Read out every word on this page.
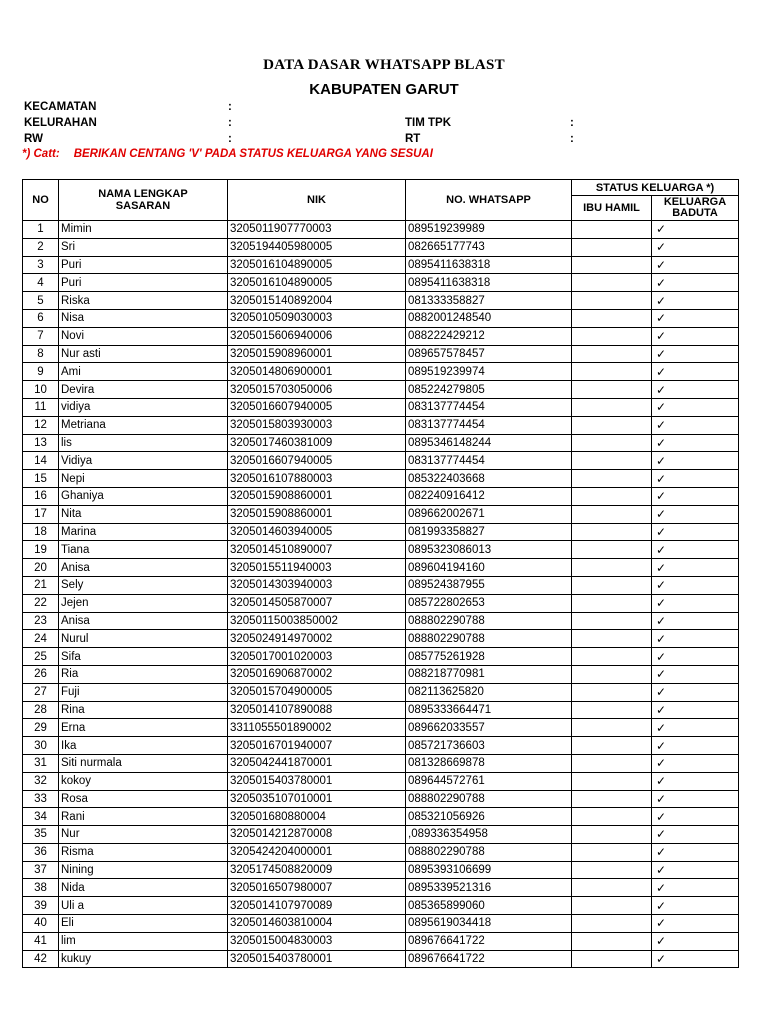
DATA DASAR WHATSAPP BLAST
KABUPATEN GARUT
KECAMATAN	:
KELURAHAN	:	TIM TPK	:
RW	:	RT	:
*) Catt: BERIKAN CENTANG 'V' PADA STATUS KELUARGA YANG SESUAI
NO	NAMA LENGKAP SASARAN	NIK	NO. WHATSAPP	STATUS KELUARGA *)	
				IBU HAMIL	KELUARGA BADUTA
1	Mimin	3205011907770003	089519239989		✓
2	Sri	3205194405980005	082665177743		✓
3	Puri	3205016104890005	0895411638318		✓
4	Puri	3205016104890005	0895411638318		✓
5	Riska	3205015140892004	081333358827		✓
6	Nisa	3205010509030003	0882001248540		✓
7	Novi	3205015606940006	088222429212		✓
8	Nur asti	3205015908960001	089657578457		✓
9	Ami	3205014806900001	089519239974		✓
10	Devira	3205015703050006	085224279805		✓
11	vidiya	3205016607940005	083137774454		✓
12	Metriana	3205015803930003	083137774454		✓
13	lis	3205017460381009	0895346148244		✓
14	Vidiya	3205016607940005	083137774454		✓
15	Nepi	3205016107880003	085322403668		✓
16	Ghaniya	3205015908860001	082240916412		✓
17	Nita	3205015908860001	089662002671		✓
18	Marina	3205014603940005	081993358827		✓
19	Tiana	3205014510890007	0895323086013		✓
20	Anisa	3205015511940003	089604194160		✓
21	Sely	3205014303940003	089524387955		✓
22	Jejen	3205014505870007	085722802653		✓
23	Anisa	3205011500385000​2	088802290788		✓
24	Nurul	3205024914970002	088802290788		✓
25	Sifa	3205017001020003	085775261928		✓
26	Ria	3205016906870002	088218770981		✓
27	Fuji	3205015704900005	082113625820		✓
28	Rina	3205014107890088	0895333664471		✓
29	Erna	3311055501890002	089662033557		✓
30	Ika	3205016701940007	085721736603		✓
31	Siti nurmala	3205042441870001	081328669878		✓
32	kokoy	3205015403780001	089644572761		✓
33	Rosa	3205035107010001	088802290788		✓
34	Rani	320501680880004	085321056926		✓
35	Nur	3205014212870008	,089336354958		✓
36	Risma	3205424204000001	088802290788		✓
37	Nining	3205174508820009	0895393106699		✓
38	Nida	3205016507980007	0895339521316		✓
39	Uli a	3205014107970089	085365899060		✓
40	Eli	3205014603810004	0895619034418		✓
41	lim	3205015004830003	089676641722		✓
42	kukuy	3205015403780001	089676641722		✓
